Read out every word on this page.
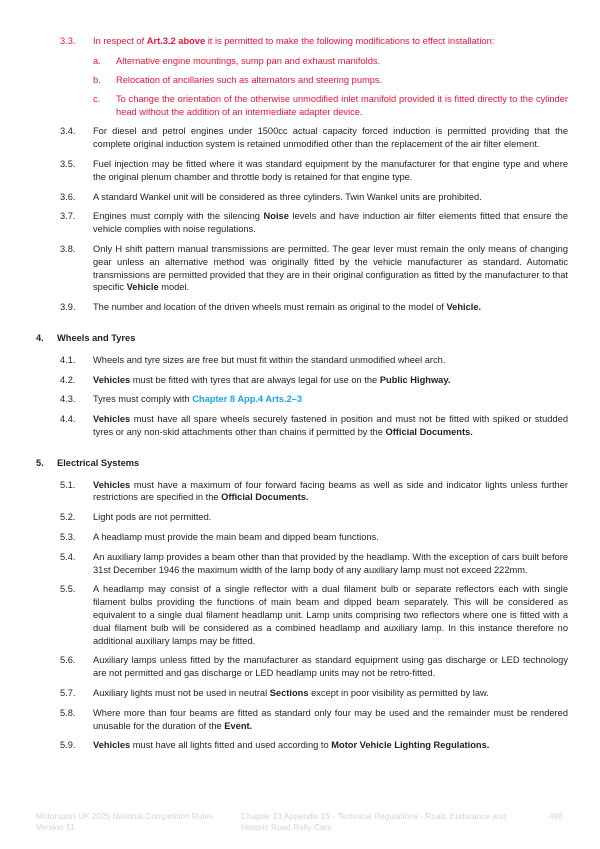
3.3. In respect of Art.3.2 above it is permitted to make the following modifications to effect installation:
a. Alternative engine mountings, sump pan and exhaust manifolds.
b. Relocation of ancillaries such as alternators and steering pumps.
c. To change the orientation of the otherwise unmodified inlet manifold provided it is fitted directly to the cylinder head without the addition of an intermediate adapter device.
3.4. For diesel and petrol engines under 1500cc actual capacity forced induction is permitted providing that the complete original induction system is retained unmodified other than the replacement of the air filter element.
3.5. Fuel injection may be fitted where it was standard equipment by the manufacturer for that engine type and where the original plenum chamber and throttle body is retained for that engine type.
3.6. A standard Wankel unit will be considered as three cylinders. Twin Wankel units are prohibited.
3.7. Engines must comply with the silencing Noise levels and have induction air filter elements fitted that ensure the vehicle complies with noise regulations.
3.8. Only H shift pattern manual transmissions are permitted. The gear lever must remain the only means of changing gear unless an alternative method was originally fitted by the vehicle manufacturer as standard. Automatic transmissions are permitted provided that they are in their original configuration as fitted by the manufacturer to that specific Vehicle model.
3.9. The number and location of the driven wheels must remain as original to the model of Vehicle.
4. Wheels and Tyres
4.1. Wheels and tyre sizes are free but must fit within the standard unmodified wheel arch.
4.2. Vehicles must be fitted with tyres that are always legal for use on the Public Highway.
4.3. Tyres must comply with Chapter 8 App.4 Arts.2–3
4.4. Vehicles must have all spare wheels securely fastened in position and must not be fitted with spiked or studded tyres or any non-skid attachments other than chains if permitted by the Official Documents.
5. Electrical Systems
5.1. Vehicles must have a maximum of four forward facing beams as well as side and indicator lights unless further restrictions are specified in the Official Documents.
5.2. Light pods are not permitted.
5.3. A headlamp must provide the main beam and dipped beam functions.
5.4. An auxiliary lamp provides a beam other than that provided by the headlamp. With the exception of cars built before 31st December 1946 the maximum width of the lamp body of any auxiliary lamp must not exceed 222mm.
5.5. A headlamp may consist of a single reflector with a dual filament bulb or separate reflectors each with single filament bulbs providing the functions of main beam and dipped beam separately. This will be considered as equivalent to a single dual filament headlamp unit. Lamp units comprising two reflectors where one is fitted with a dual filament bulb will be considered as a combined headlamp and auxiliary lamp. In this instance therefore no additional auxiliary lamps may be fitted.
5.6. Auxiliary lamps unless fitted by the manufacturer as standard equipment using gas discharge or LED technology are not permitted and gas discharge or LED headlamp units may not be retro-fitted.
5.7. Auxiliary lights must not be used in neutral Sections except in poor visibility as permitted by law.
5.8. Where more than four beams are fitted as standard only four may be used and the remainder must be rendered unusable for the duration of the Event.
5.9. Vehicles must have all lights fitted and used according to Motor Vehicle Lighting Regulations.
Motorsport UK 2025 National Competition Rules Version 11
Chapter 13 Appendix 15 - Technical Regulations - Road, Endurance and Historic Road Rally Cars
496
